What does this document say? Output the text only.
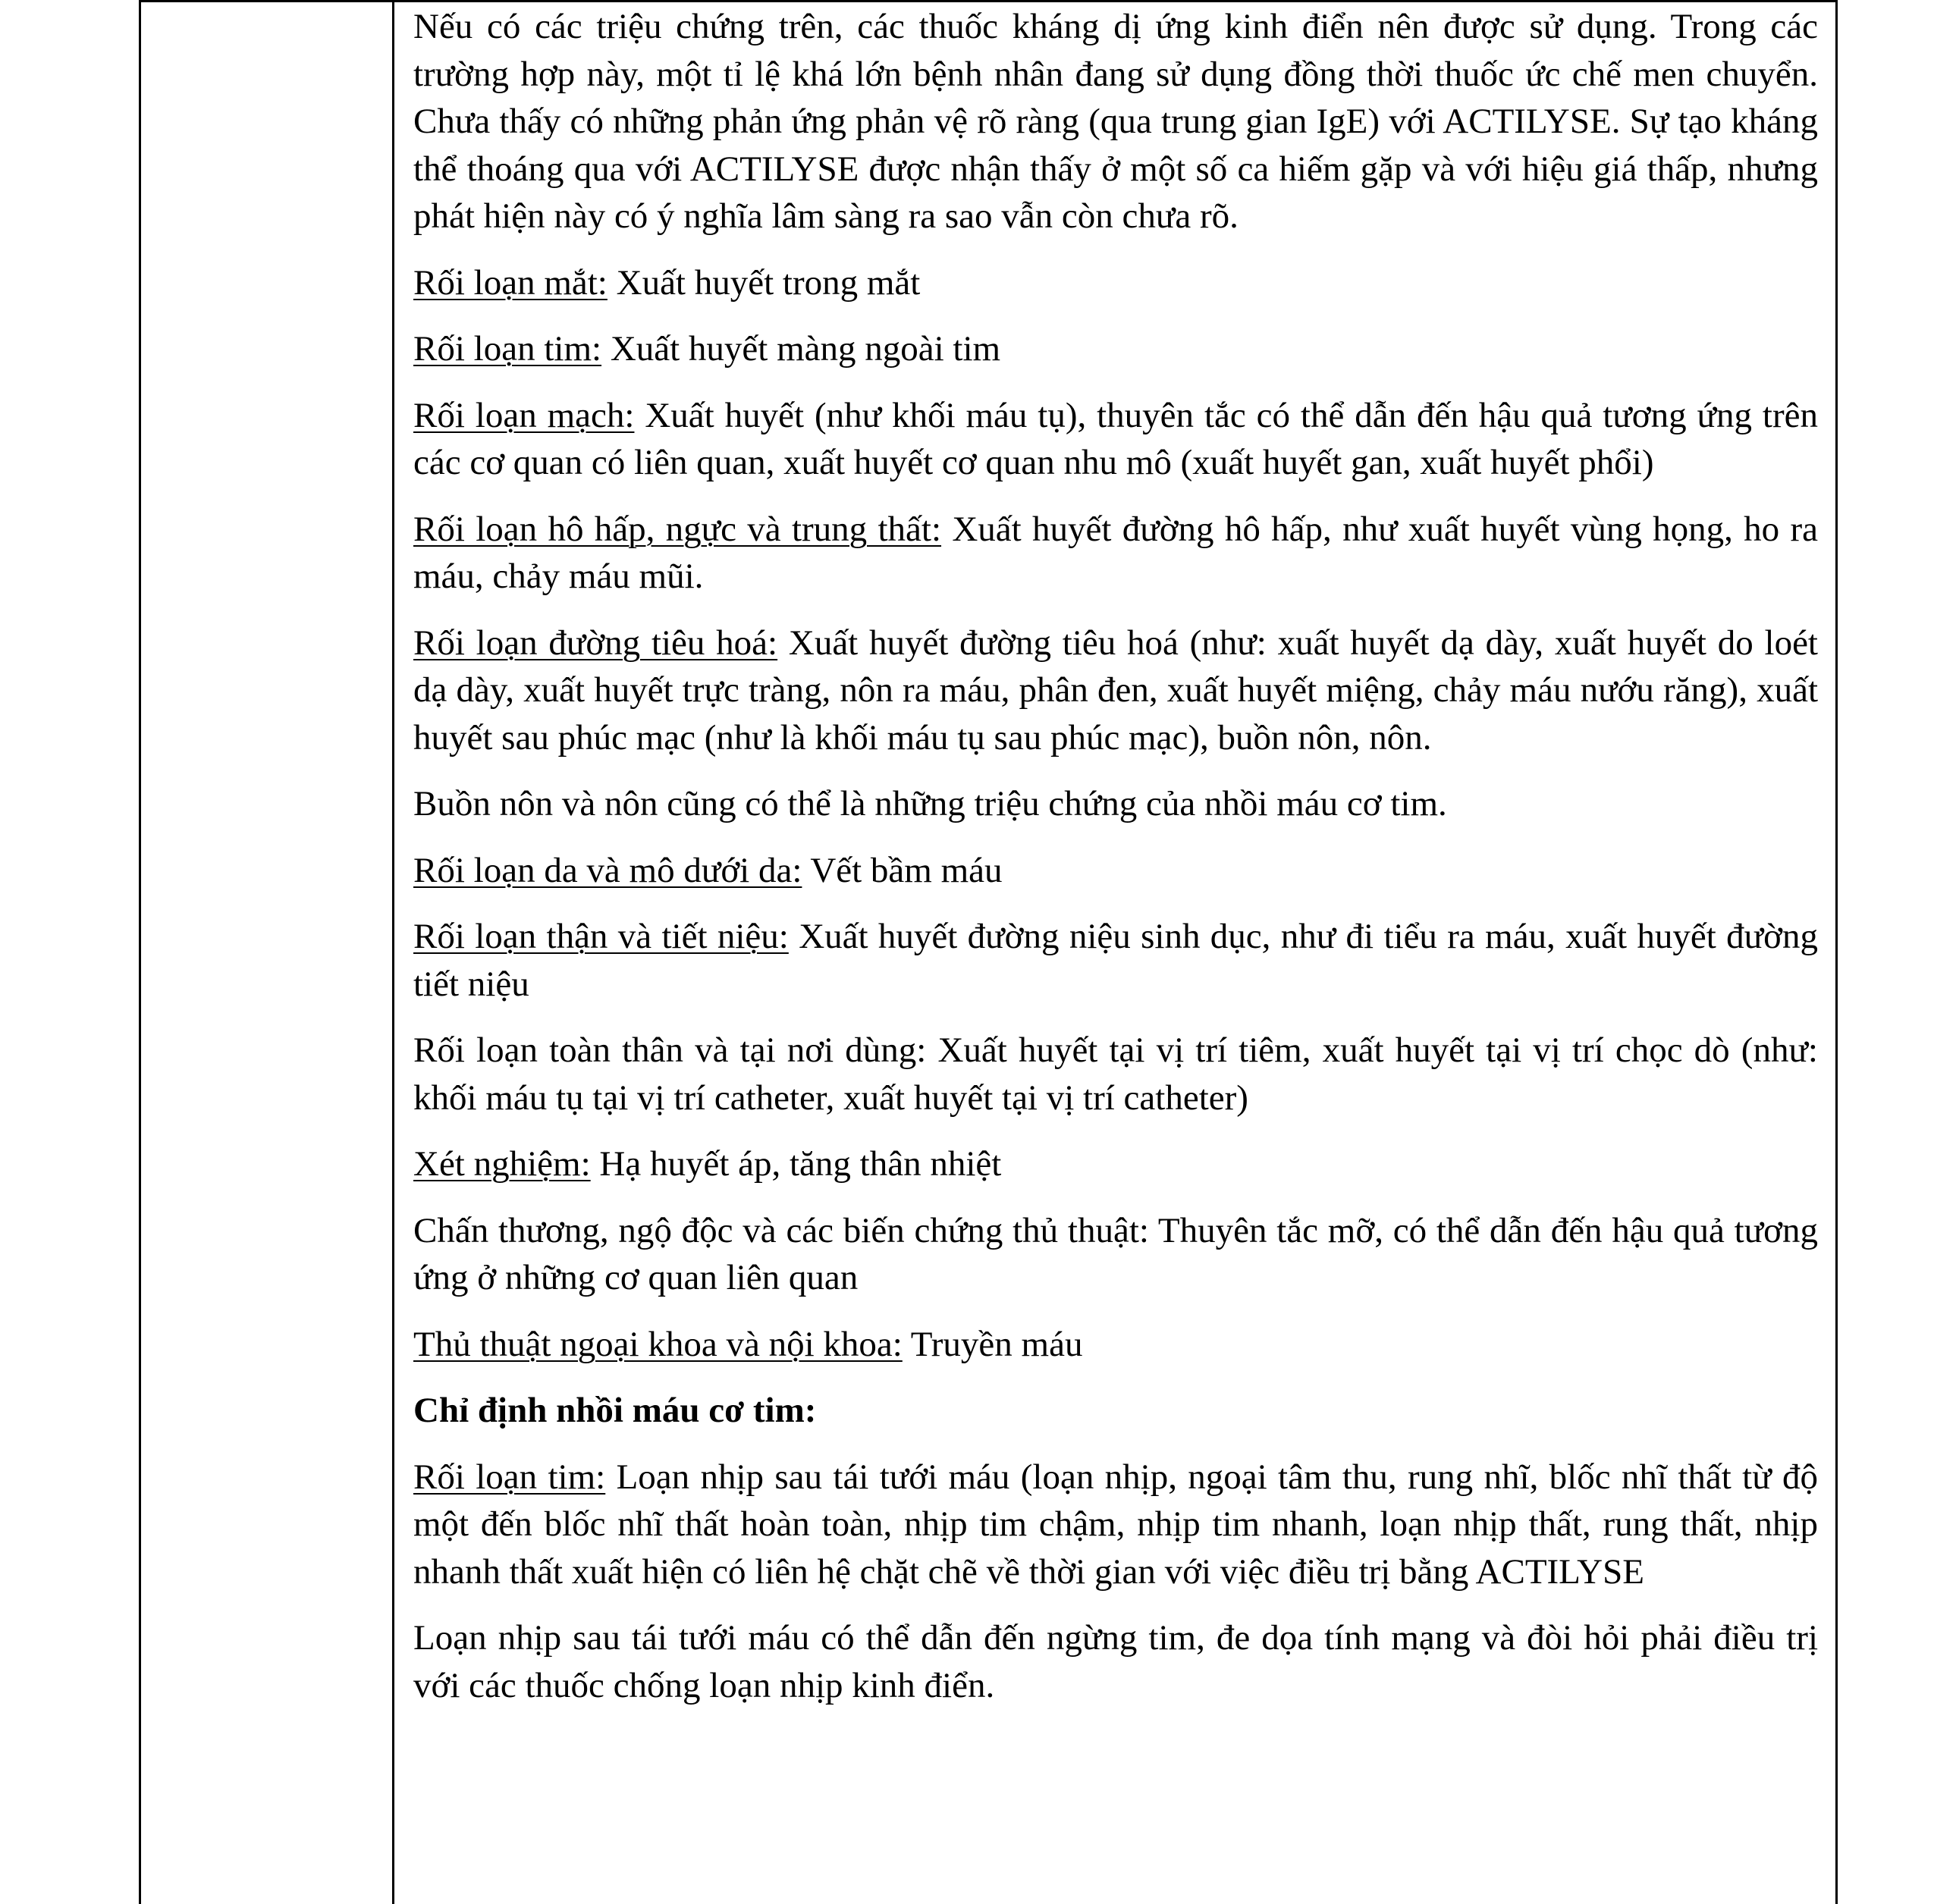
Nếu có các triệu chứng trên, các thuốc kháng dị ứng kinh điển nên được sử dụng. Trong các trường hợp này, một tỉ lệ khá lớn bệnh nhân đang sử dụng đồng thời thuốc ức chế men chuyển. Chưa thấy có những phản ứng phản vệ rõ ràng (qua trung gian IgE) với ACTILYSE. Sự tạo kháng thể thoáng qua với ACTILYSE được nhận thấy ở một số ca hiếm gặp và với hiệu giá thấp, nhưng phát hiện này có ý nghĩa lâm sàng ra sao vẫn còn chưa rõ.

Rối loạn mắt: Xuất huyết trong mắt

Rối loạn tim: Xuất huyết màng ngoài tim

Rối loạn mạch: Xuất huyết (như khối máu tụ), thuyên tắc có thể dẫn đến hậu quả tương ứng trên các cơ quan có liên quan, xuất huyết cơ quan nhu mô (xuất huyết gan, xuất huyết phổi)

Rối loạn hô hấp, ngực và trung thất: Xuất huyết đường hô hấp, như xuất huyết vùng họng, ho ra máu, chảy máu mũi.

Rối loạn đường tiêu hoá: Xuất huyết đường tiêu hoá (như: xuất huyết dạ dày, xuất huyết do loét dạ dày, xuất huyết trực tràng, nôn ra máu, phân đen, xuất huyết miệng, chảy máu nướu răng), xuất huyết sau phúc mạc (như là khối máu tụ sau phúc mạc), buồn nôn, nôn.

Buồn nôn và nôn cũng có thể là những triệu chứng của nhồi máu cơ tim.

Rối loạn da và mô dưới da: Vết bầm máu

Rối loạn thận và tiết niệu: Xuất huyết đường niệu sinh dục, như đi tiểu ra máu, xuất huyết đường tiết niệu

Rối loạn toàn thân và tại nơi dùng: Xuất huyết tại vị trí tiêm, xuất huyết tại vị trí chọc dò (như: khối máu tụ tại vị trí catheter, xuất huyết tại vị trí catheter)

Xét nghiệm: Hạ huyết áp, tăng thân nhiệt

Chấn thương, ngộ độc và các biến chứng thủ thuật: Thuyên tắc mỡ, có thể dẫn đến hậu quả tương ứng ở những cơ quan liên quan

Thủ thuật ngoại khoa và nội khoa: Truyền máu

Chỉ định nhồi máu cơ tim:

Rối loạn tim: Loạn nhịp sau tái tưới máu (loạn nhịp, ngoại tâm thu, rung nhĩ, blốc nhĩ thất từ độ một đến blốc nhĩ thất hoàn toàn, nhịp tim chậm, nhịp tim nhanh, loạn nhịp thất, rung thất, nhịp nhanh thất xuất hiện có liên hệ chặt chẽ về thời gian với việc điều trị bằng ACTILYSE

Loạn nhịp sau tái tưới máu có thể dẫn đến ngừng tim, đe dọa tính mạng và đòi hỏi phải điều trị với các thuốc chống loạn nhịp kinh điển.
